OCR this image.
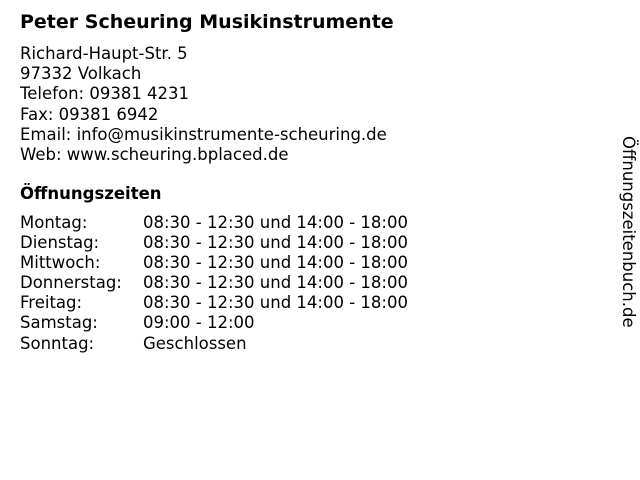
Peter Scheuring Musikinstrumente
Richard-Haupt-Str. 5
97332 Volkach
Telefon: 09381 4231
Fax: 09381 6942
Email: info@musikinstrumente-scheuring.de
Web: www.scheuring.bplaced.de
Öffnungszeiten
Montag:	08:30 - 12:30 und 14:00 - 18:00
Dienstag:	08:30 - 12:30 und 14:00 - 18:00
Mittwoch:	08:30 - 12:30 und 14:00 - 18:00
Donnerstag: 08:30 - 12:30 und 14:00 - 18:00
Freitag:	08:30 - 12:30 und 14:00 - 18:00
Samstag:	09:00 - 12:00
Sonntag:	Geschlossen
Öffnungszeitenbuch.de
